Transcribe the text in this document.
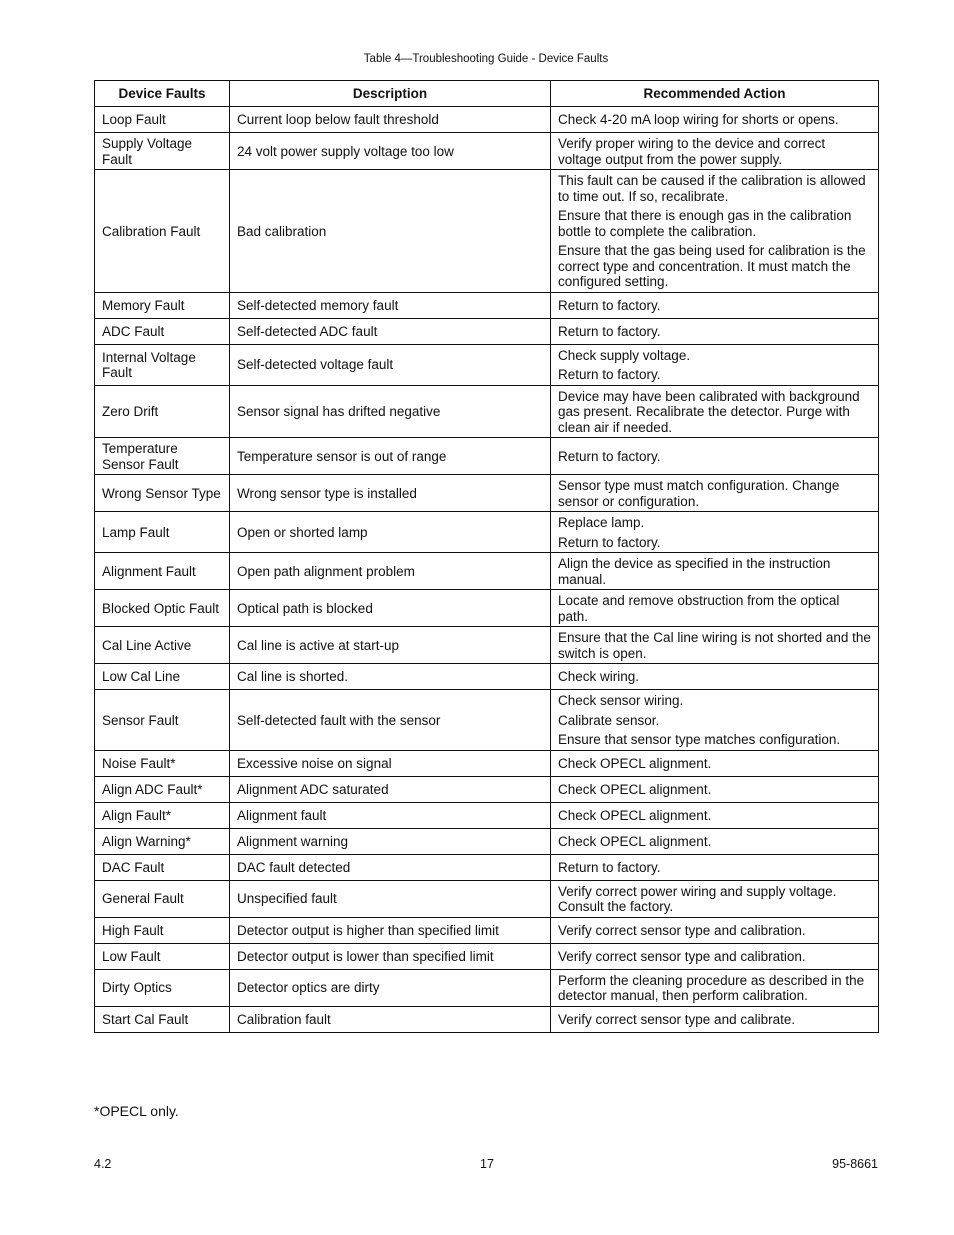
Table 4—Troubleshooting Guide - Device Faults
Device Faults	Description	Recommended Action
Loop Fault	Current loop below fault threshold	Check 4-20 mA loop wiring for shorts or opens.

Supply Voltage Fault	24 volt power supply voltage too low	Verify proper wiring to the device and correct voltage output from the power supply.

Calibration Fault	Bad calibration	This fault can be caused if the calibration is allowed to time out. If so, recalibrate.

Ensure that there is enough gas in the calibration bottle to complete the calibration.

Ensure that the gas being used for calibration is the correct type and concentration. It must match the configured setting.

Memory Fault	Self-detected memory fault	Return to factory.

ADC Fault	Self-detected ADC fault	Return to factory.

Internal Voltage Fault	Self-detected voltage fault	Check supply voltage.

Return to factory.

Zero Drift	Sensor signal has drifted negative	Device may have been calibrated with background gas present. Recalibrate the detector. Purge with clean air if needed.

Temperature Sensor Fault	Temperature sensor is out of range	Return to factory.

Wrong Sensor Type	Wrong sensor type is installed	Sensor type must match configuration. Change sensor or configuration.

Lamp Fault	Open or shorted lamp	Replace lamp.

Return to factory.

Alignment Fault	Open path alignment problem	Align the device as specified in the instruction manual.

Blocked Optic Fault	Optical path is blocked	Locate and remove obstruction from the optical path.

Cal Line Active	Cal line is active at start-up	Ensure that the Cal line wiring is not shorted and the switch is open.

Low Cal Line	Cal line is shorted.	Check wiring.

Sensor Fault	Self-detected fault with the sensor	Check sensor wiring.

Calibrate sensor.

Ensure that sensor type matches configuration.

Noise Fault*	Excessive noise on signal	Check OPECL alignment.

Align ADC Fault*	Alignment ADC saturated	Check OPECL alignment.

Align Fault*	Alignment fault	Check OPECL alignment.

Align Warning*	Alignment warning	Check OPECL alignment.

DAC Fault	DAC fault detected	Return to factory.

General Fault	Unspecified fault	Verify correct power wiring and supply voltage. Consult the factory.

High Fault	Detector output is higher than specified limit	Verify correct sensor type and calibration.

Low Fault	Detector output is lower than specified limit	Verify correct sensor type and calibration.

Dirty Optics	Detector optics are dirty	Perform the cleaning procedure as described in the detector manual, then perform calibration.

Start Cal Fault	Calibration fault	Verify correct sensor type and calibrate.

*OPECL only.
4.2	17	95-8661
